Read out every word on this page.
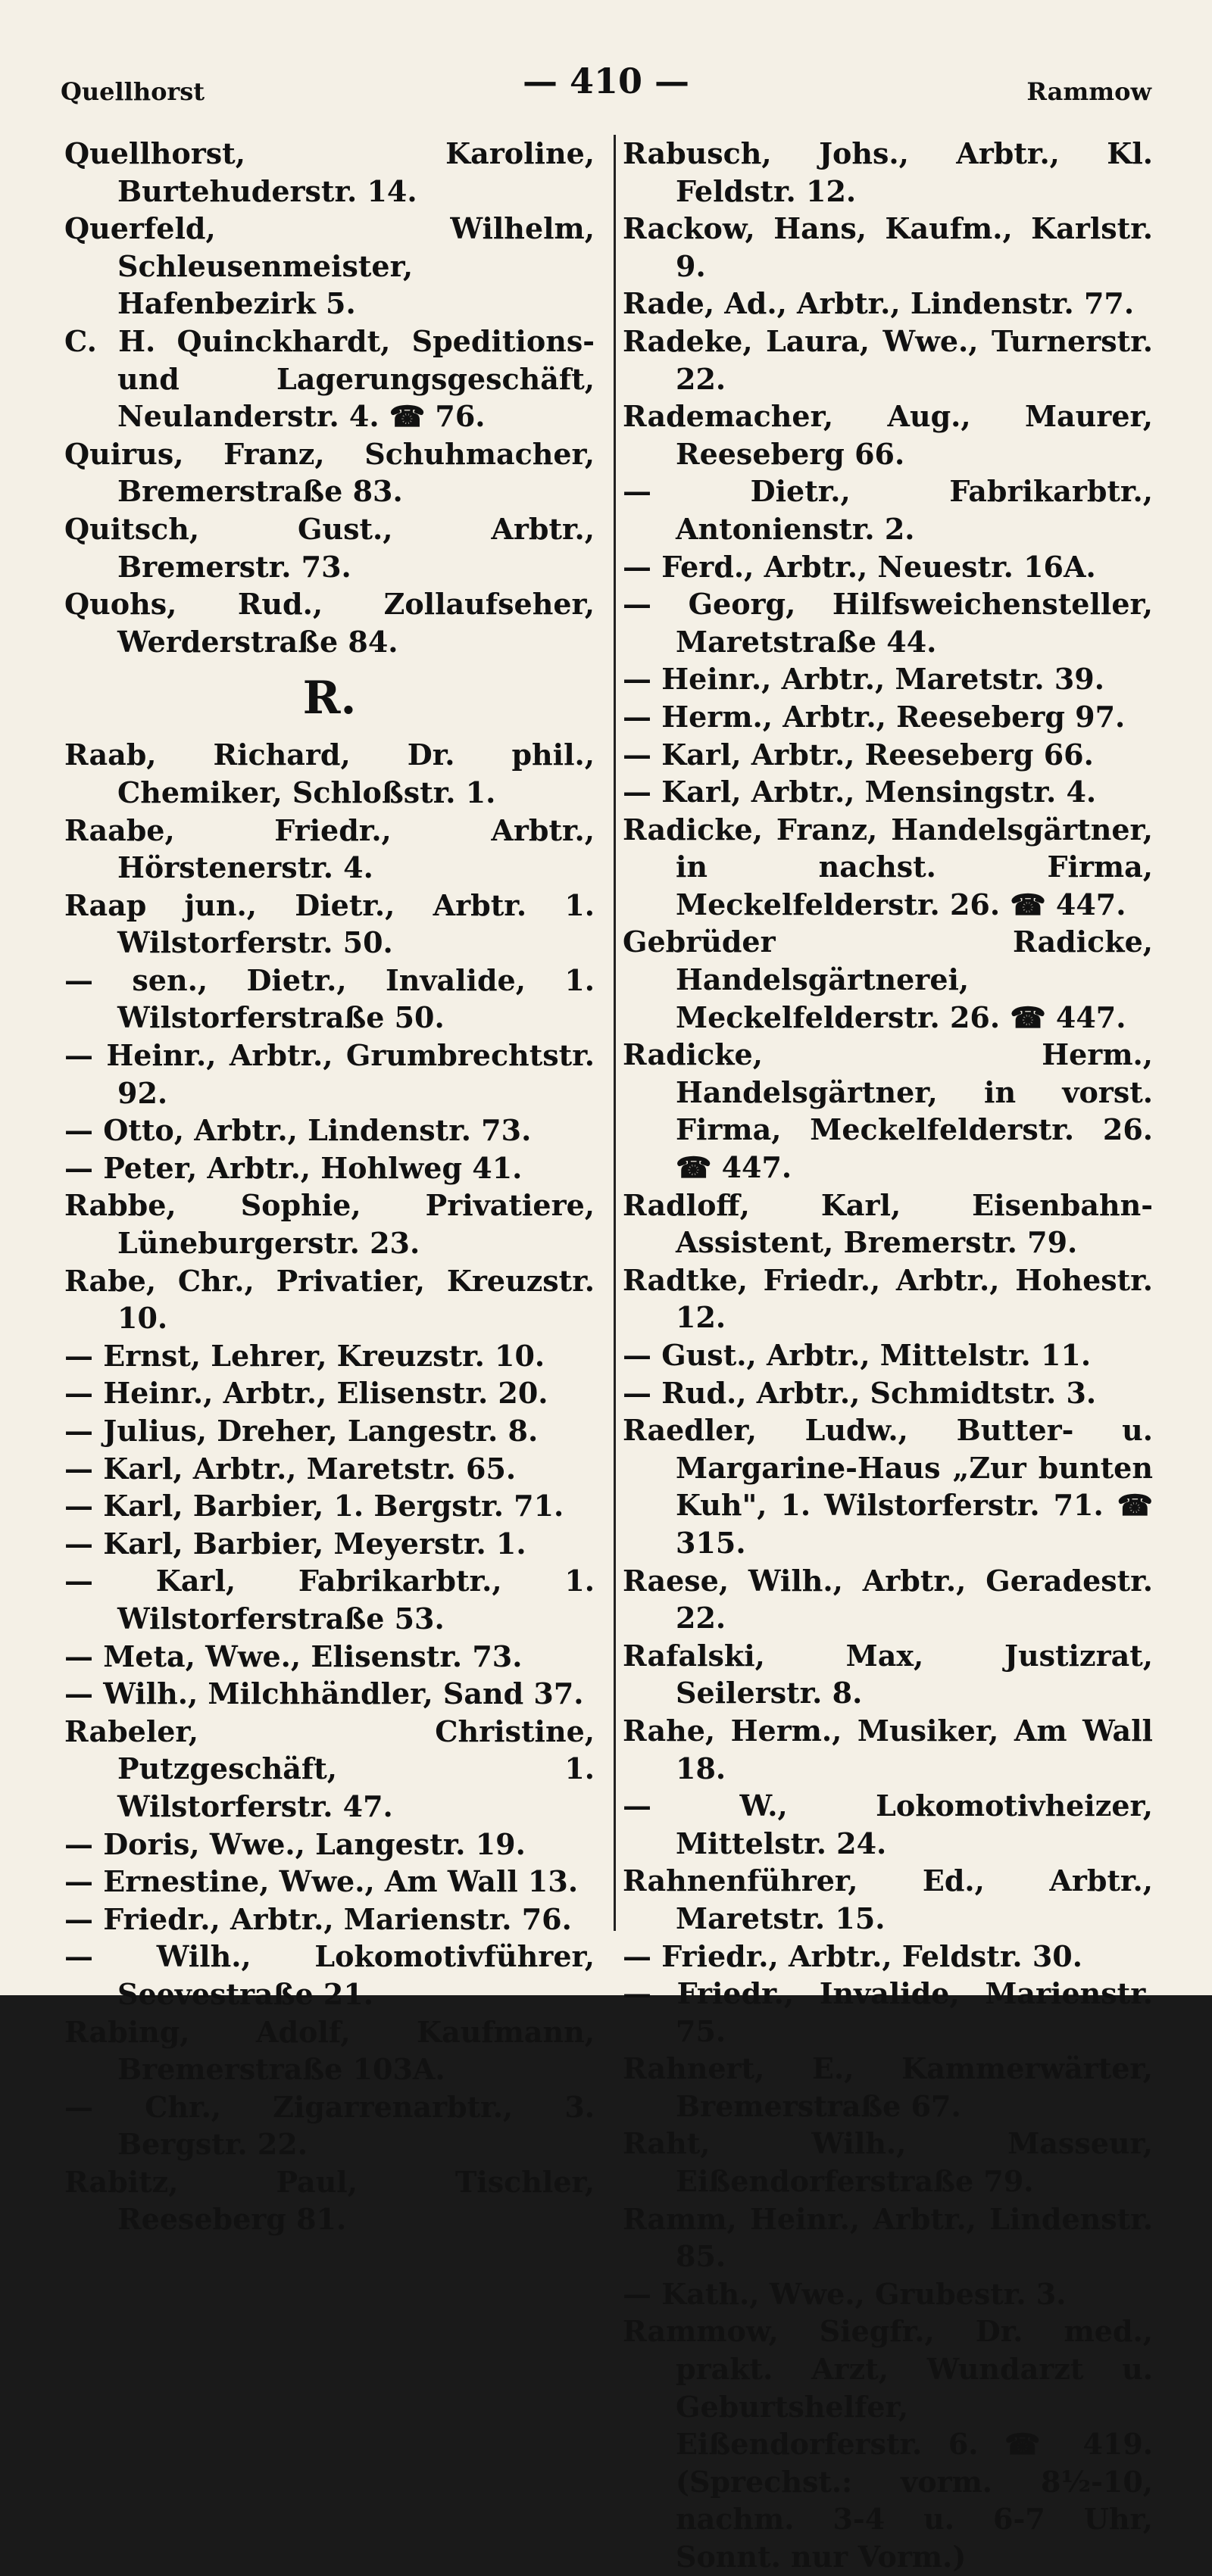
Quellhorst	— 410 —	Rammow
Quellhorst, Karoline, Burtehuderstr. 14.
Querfeld, Wilhelm, Schleusenmeister, Hafenbezirk 5.
C. H. Quinckhardt, Speditions- und Lagerungsgeschäft, Neulanderstr. 4. ☎ 76.
Quirus, Franz, Schuhmacher, Bremerstraße 83.
Quitsch, Gust., Arbtr., Bremerstr. 73.
Quohs, Rud., Zollaufseher, Werderstraße 84.
R.
Raab, Richard, Dr. phil., Chemiker, Schloßstr. 1.
Raabe, Friedr., Arbtr., Hörstenerstr. 4.
Raap jun., Dietr., Arbtr. 1. Wilstorferstr. 50.
— sen., Dietr., Invalide, 1. Wilstorferstraße 50.
— Heinr., Arbtr., Grumbrechtstr. 92.
— Otto, Arbtr., Lindenstr. 73.
— Peter, Arbtr., Hohlweg 41.
Rabbe, Sophie, Privatiere, Lüneburgerstr. 23.
Rabe, Chr., Privatier, Kreuzstr. 10.
— Ernst, Lehrer, Kreuzstr. 10.
— Heinr., Arbtr., Elisenstr. 20.
— Julius, Dreher, Langestr. 8.
— Karl, Arbtr., Maretstr. 65.
— Karl, Barbier, 1. Bergstr. 71.
— Karl, Barbier, Meyerstr. 1.
— Karl, Fabrikarbtr., 1. Wilstorferstraße 53.
— Meta, Wwe., Elisenstr. 73.
— Wilh., Milchhändler, Sand 37.
Rabeler, Christine, Putzgeschäft, 1. Wilstorferstr. 47.
— Doris, Wwe., Langestr. 19.
— Ernestine, Wwe., Am Wall 13.
— Friedr., Arbtr., Marienstr. 76.
— Wilh., Lokomotivführer, Seevestraße 21.
Rabing, Adolf, Kaufmann, Bremerstraße 103A.
— Chr., Zigarrenarbtr., 3. Bergstr. 22.
Rabitz, Paul, Tischler, Reeseberg 81.
Rabusch, Johs., Arbtr., Kl. Feldstr. 12.
Rackow, Hans, Kaufm., Karlstr. 9.
Rade, Ad., Arbtr., Lindenstr. 77.
Radeke, Laura, Wwe., Turnerstr. 22.
Rademacher, Aug., Maurer, Reeseberg 66.
— Dietr., Fabrikarbtr., Antonienstr. 2.
— Ferd., Arbtr., Neuestr. 16A.
— Georg, Hilfsweichensteller, Maretstraße 44.
— Heinr., Arbtr., Maretstr. 39.
— Herm., Arbtr., Reeseberg 97.
— Karl, Arbtr., Reeseberg 66.
— Karl, Arbtr., Mensingstr. 4.
Radicke, Franz, Handelsgärtner, in nachst. Firma, Meckelfelderstr. 26. ☎ 447.
Gebrüder Radicke, Handelsgärtnerei, Meckelfelderstr. 26. ☎ 447.
Radicke, Herm., Handelsgärtner, in vorst. Firma, Meckelfelderstr. 26. ☎ 447.
Radloff, Karl, Eisenbahn-Assistent, Bremerstr. 79.
Radtke, Friedr., Arbtr., Hohestr. 12.
— Gust., Arbtr., Mittelstr. 11.
— Rud., Arbtr., Schmidtstr. 3.
Raedler, Ludw., Butter- u. Margarine-Haus „Zur bunten Kuh", 1. Wilstorferstr. 71. ☎ 315.
Raese, Wilh., Arbtr., Geradestr. 22.
Rafalski, Max, Justizrat, Seilerstr. 8.
Rahe, Herm., Musiker, Am Wall 18.
— W., Lokomotivheizer, Mittelstr. 24.
Rahnenführer, Ed., Arbtr., Maretstr. 15.
— Friedr., Arbtr., Feldstr. 30.
— Friedr., Invalide, Marienstr. 75.
Rahnert, E., Kammerwärter, Bremerstraße 67.
Raht, Wilh., Masseur, Eißendorferstraße 79.
Ramm, Heinr., Arbtr., Lindenstr. 85.
— Kath., Wwe., Grubestr. 3.
Rammow, Siegfr., Dr. med., prakt. Arzt, Wundarzt u. Geburtshelfer, Eißendorferstr. 6. ☎ 419. (Sprechst.: vorm. 8½-10, nachm. 3-4 u. 6-7 Uhr, Sonnt. nur Vorm.)
